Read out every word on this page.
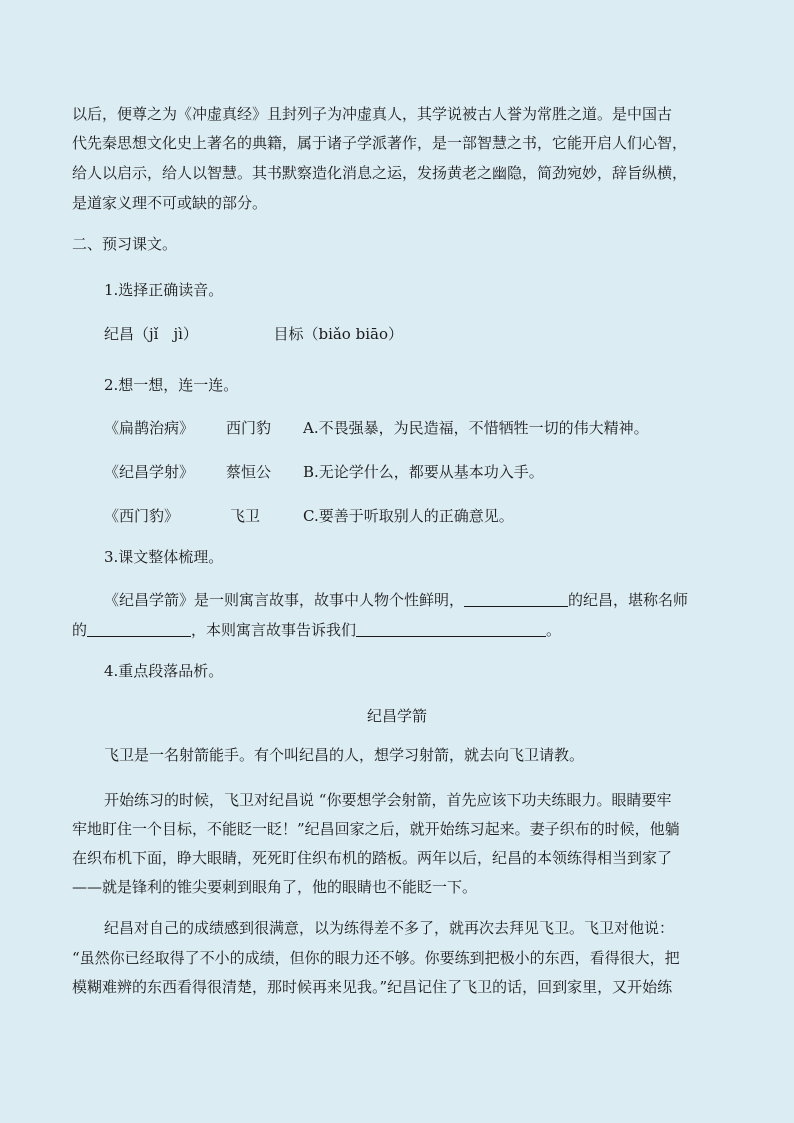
以后，便尊之为《冲虚真经》且封列子为冲虚真人，其学说被古人誉为常胜之道。是中国古
代先秦思想文化史上著名的典籍，属于诸子学派著作，是一部智慧之书，它能开启人们心智，
给人以启示，给人以智慧。其书默察造化消息之运，发扬黄老之幽隐，简劲宛妙，辞旨纵横，
是道家义理不可或缺的部分。
二、预习课文。
1.选择正确读音。
纪昌（jǐ　jì）	目标（biǎo biāo）
2.想一想，连一连。
《扁鹊治病》 西门豹 A.不畏强暴，为民造福，不惜牺牲一切的伟大精神。
《纪昌学射》 蔡恒公 B.无论学什么，都要从基本功入手。
《西门豹》	飞卫	C.要善于听取别人的正确意见。
3.课文整体梳理。
《纪昌学箭》是一则寓言故事，故事中人物个性鲜明，	的纪昌，堪称名师
的	，本则寓言故事告诉我们	。
4.重点段落品析。
纪昌学箭
飞卫是一名射箭能手。有个叫纪昌的人，想学习射箭，就去向飞卫请教。
开始练习的时候，飞卫对纪昌说 “你要想学会射箭，首先应该下功夫练眼力。眼睛要牢
牢地盯住一个目标，不能眨一眨！”纪昌回家之后，就开始练习起来。妻子织布的时候，他躺
在织布机下面，睁大眼睛，死死盯住织布机的踏板。两年以后，纪昌的本领练得相当到家了
——就是锋利的锥尖要刺到眼角了，他的眼睛也不能眨一下。
纪昌对自己的成绩感到很满意，以为练得差不多了，就再次去拜见飞卫。飞卫对他说：
“虽然你已经取得了不小的成绩，但你的眼力还不够。你要练到把极小的东西，看得很大，把
模糊难辨的东西看得很清楚，那时候再来见我。”纪昌记住了飞卫的话，回到家里，又开始练
